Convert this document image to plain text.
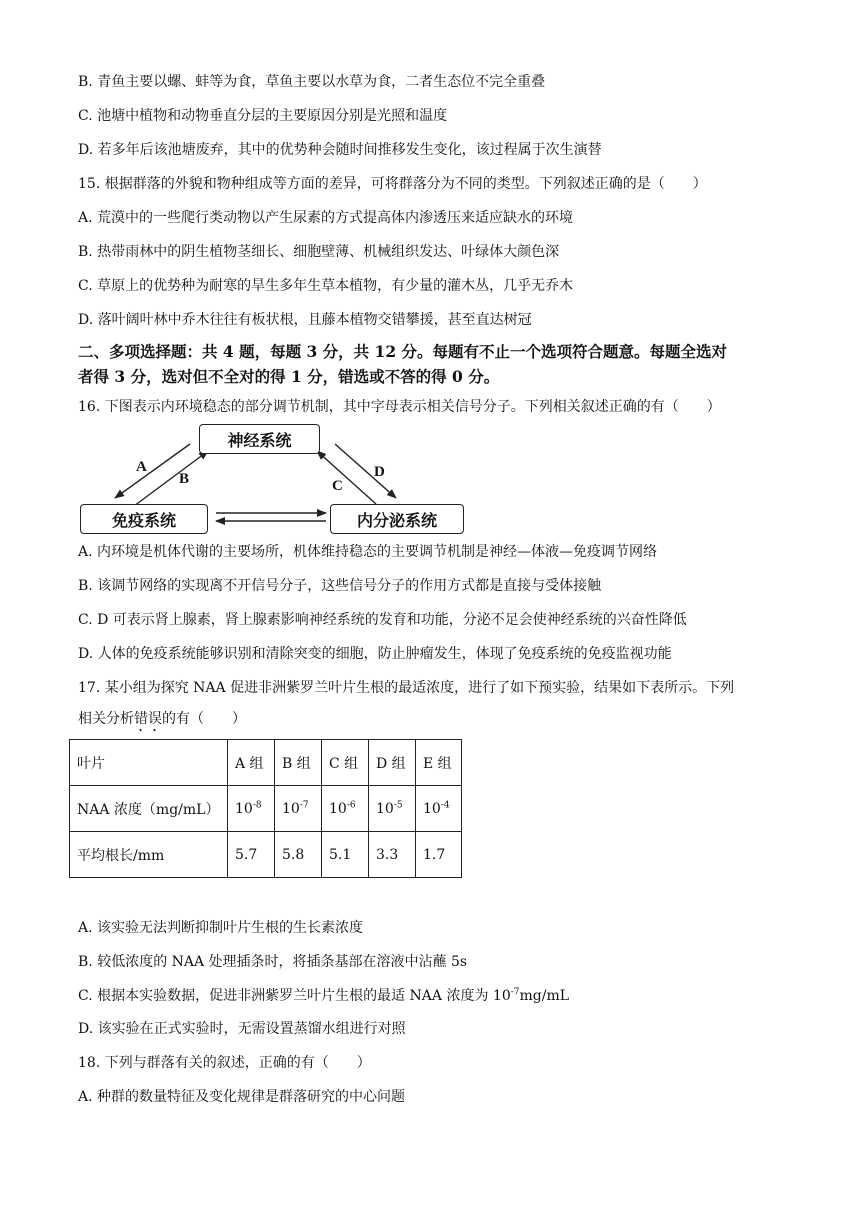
B. 青鱼主要以螺、蚌等为食，草鱼主要以水草为食，二者生态位不完全重叠
C. 池塘中植物和动物垂直分层的主要原因分别是光照和温度
D. 若多年后该池塘废弃，其中的优势种会随时间推移发生变化，该过程属于次生演替
15. 根据群落的外貌和物种组成等方面的差异，可将群落分为不同的类型。下列叙述正确的是（　　）
A. 荒漠中的一些爬行类动物以产生尿素的方式提高体内渗透压来适应缺水的环境
B. 热带雨林中的阴生植物茎细长、细胞壁薄、机械组织发达、叶绿体大颜色深
C. 草原上的优势种为耐寒的旱生多年生草本植物，有少量的灌木丛，几乎无乔木
D. 落叶阔叶林中乔木往往有板状根，且藤本植物交错攀援，甚至直达树冠
二、多项选择题：共 4 题，每题 3 分，共 12 分。每题有不止一个选项符合题意。每题全选对
者得 3 分，选对但不全对的得 1 分，错选或不答的得 0 分。
16. 下图表示内环境稳态的部分调节机制，其中字母表示相关信号分子。下列相关叙述正确的有（　　）
神经系统
免疫系统	内分泌系统
A
B	C
D
A. 内环境是机体代谢的主要场所，机体维持稳态的主要调节机制是神经—体液—免疫调节网络
B. 该调节网络的实现离不开信号分子，这些信号分子的作用方式都是直接与受体接触
C. D 可表示肾上腺素，肾上腺素影响神经系统的发育和功能，分泌不足会使神经系统的兴奋性降低
D. 人体的免疫系统能够识别和清除突变的细胞，防止肿瘤发生，体现了免疫系统的免疫监视功能
17. 某小组为探究 NAA 促进非洲紫罗兰叶片生根的最适浓度，进行了如下预实验，结果如下表所示。下列
相关分析错误的有（　　）
叶片	A 组	B 组	C 组	D 组	E 组
NAA 浓度（mg/mL）	$10^{-8}$	$10^{-7}$	$10^{-6}$	$10^{-5}$	$10^{-4}$
平均根长/mm	5.7	5.8	5.1	3.3	1.7
A. 该实验无法判断抑制叶片生根的生长素浓度
B. 较低浓度的 NAA 处理插条时，将插条基部在溶液中沾蘸 5s
C. 根据本实验数据，促进非洲紫罗兰叶片生根的最适 NAA 浓度为 $10^{-7}mg/mL$
D. 该实验在正式实验时，无需设置蒸馏水组进行对照
18. 下列与群落有关的叙述，正确的有（　　）
A. 种群的数量特征及变化规律是群落研究的中心问题
